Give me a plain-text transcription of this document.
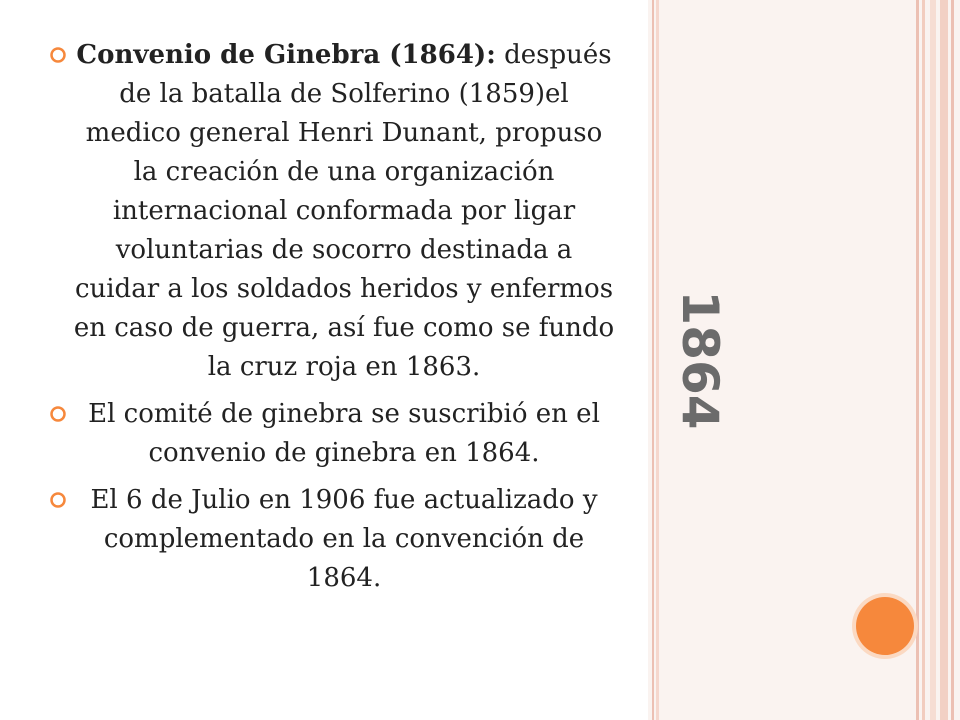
Convenio de Ginebra (1864): después de la batalla de Solferino (1859)el medico general Henri Dunant, propuso la creación de una organización internacional conformada por ligar voluntarias de socorro destinada a cuidar a los soldados heridos y enfermos en caso de guerra, así fue como se fundo la cruz roja en 1863.
El comité de ginebra se suscribió en el convenio de ginebra en 1864.
El 6 de Julio en 1906 fue actualizado y complementado en la convención de 1864.
1864
